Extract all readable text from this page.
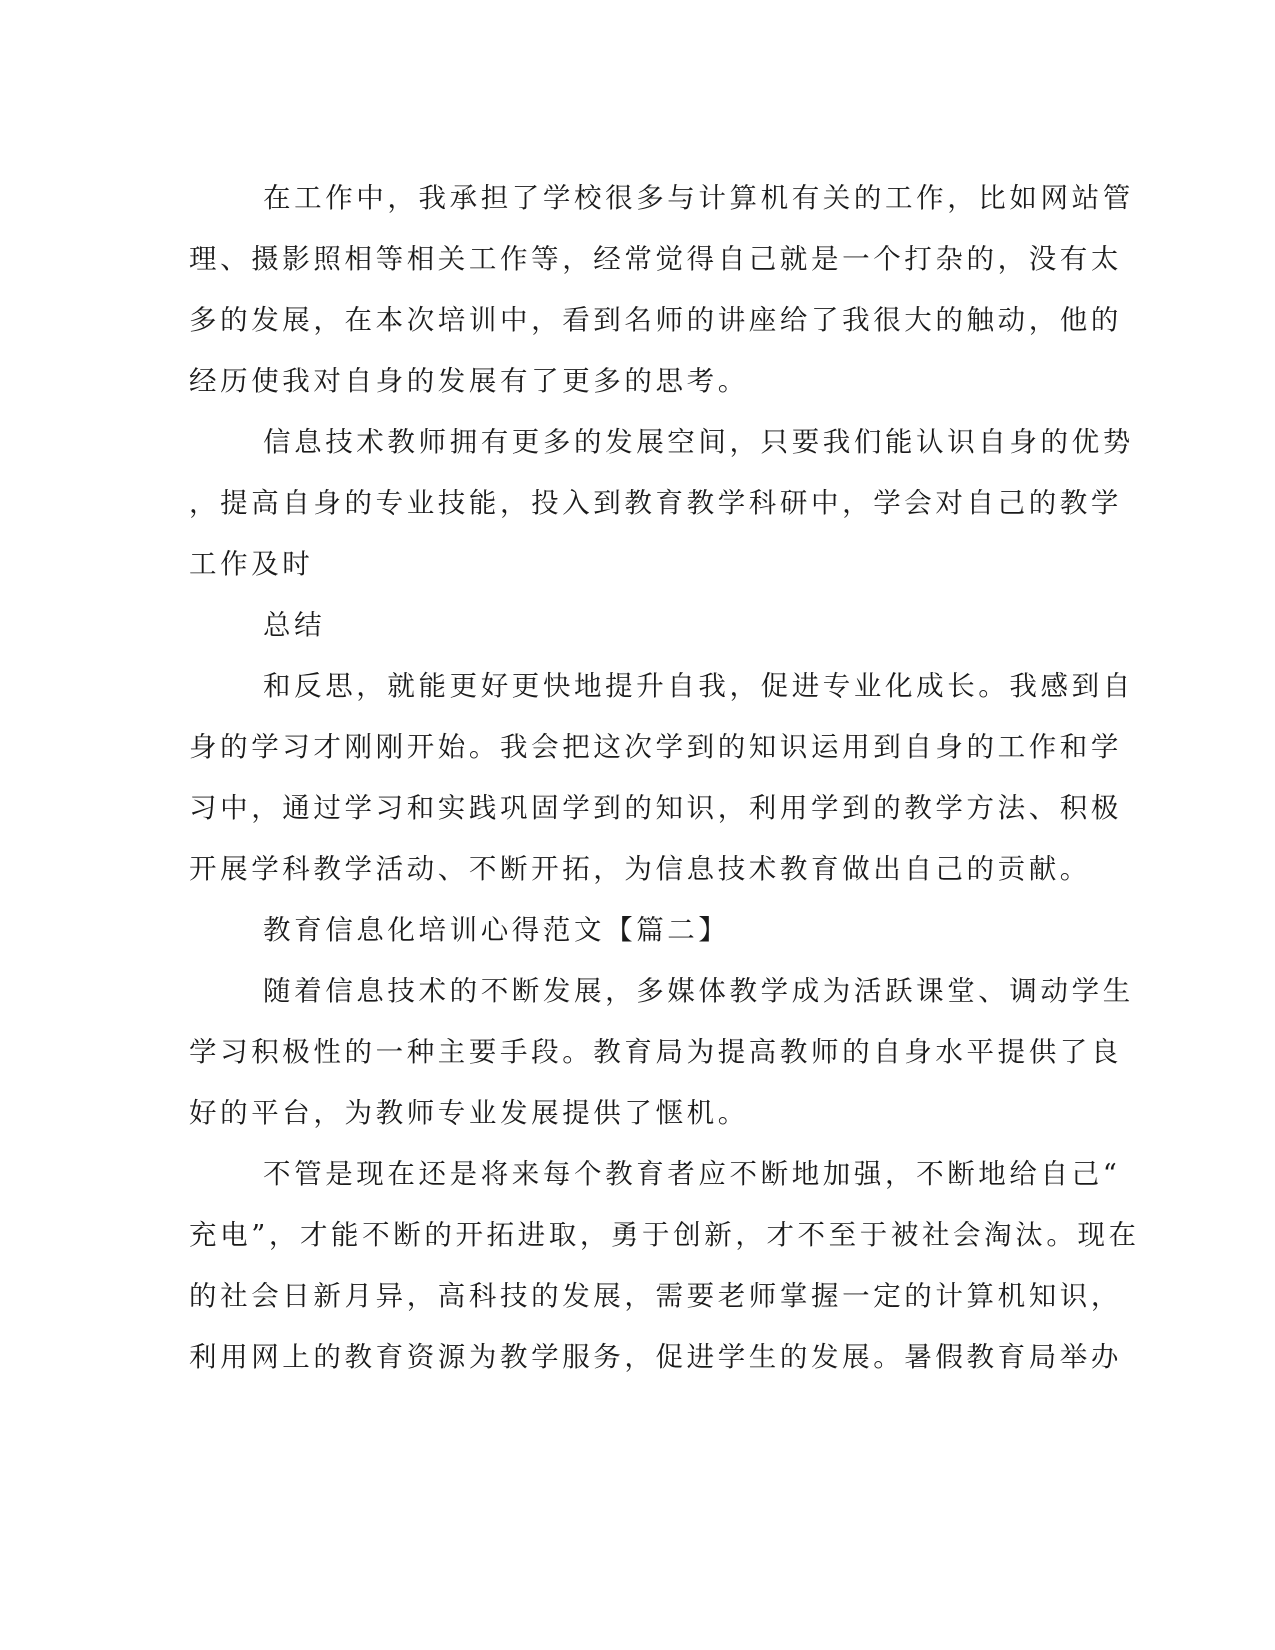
在工作中，我承担了学校很多与计算机有关的工作，比如网站管
理、摄影照相等相关工作等，经常觉得自己就是一个打杂的，没有太
多的发展，在本次培训中，看到名师的讲座给了我很大的触动，他的
经历使我对自身的发展有了更多的思考。
信息技术教师拥有更多的发展空间，只要我们能认识自身的优势
，提高自身的专业技能，投入到教育教学科研中，学会对自己的教学
工作及时
总结
和反思，就能更好更快地提升自我，促进专业化成长。我感到自
身的学习才刚刚开始。我会把这次学到的知识运用到自身的工作和学
习中，通过学习和实践巩固学到的知识，利用学到的教学方法、积极
开展学科教学活动、不断开拓，为信息技术教育做出自己的贡献。
教育信息化培训心得范文【篇二】
随着信息技术的不断发展，多媒体教学成为活跃课堂、调动学生
学习积极性的一种主要手段。教育局为提高教师的自身水平提供了良
好的平台，为教师专业发展提供了惬机。
不管是现在还是将来每个教育者应不断地加强，不断地给自己“
充电”，才能不断的开拓进取，勇于创新，才不至于被社会淘汰。现在
的社会日新月异，高科技的发展，需要老师掌握一定的计算机知识，
利用网上的教育资源为教学服务，促进学生的发展。暑假教育局举办
